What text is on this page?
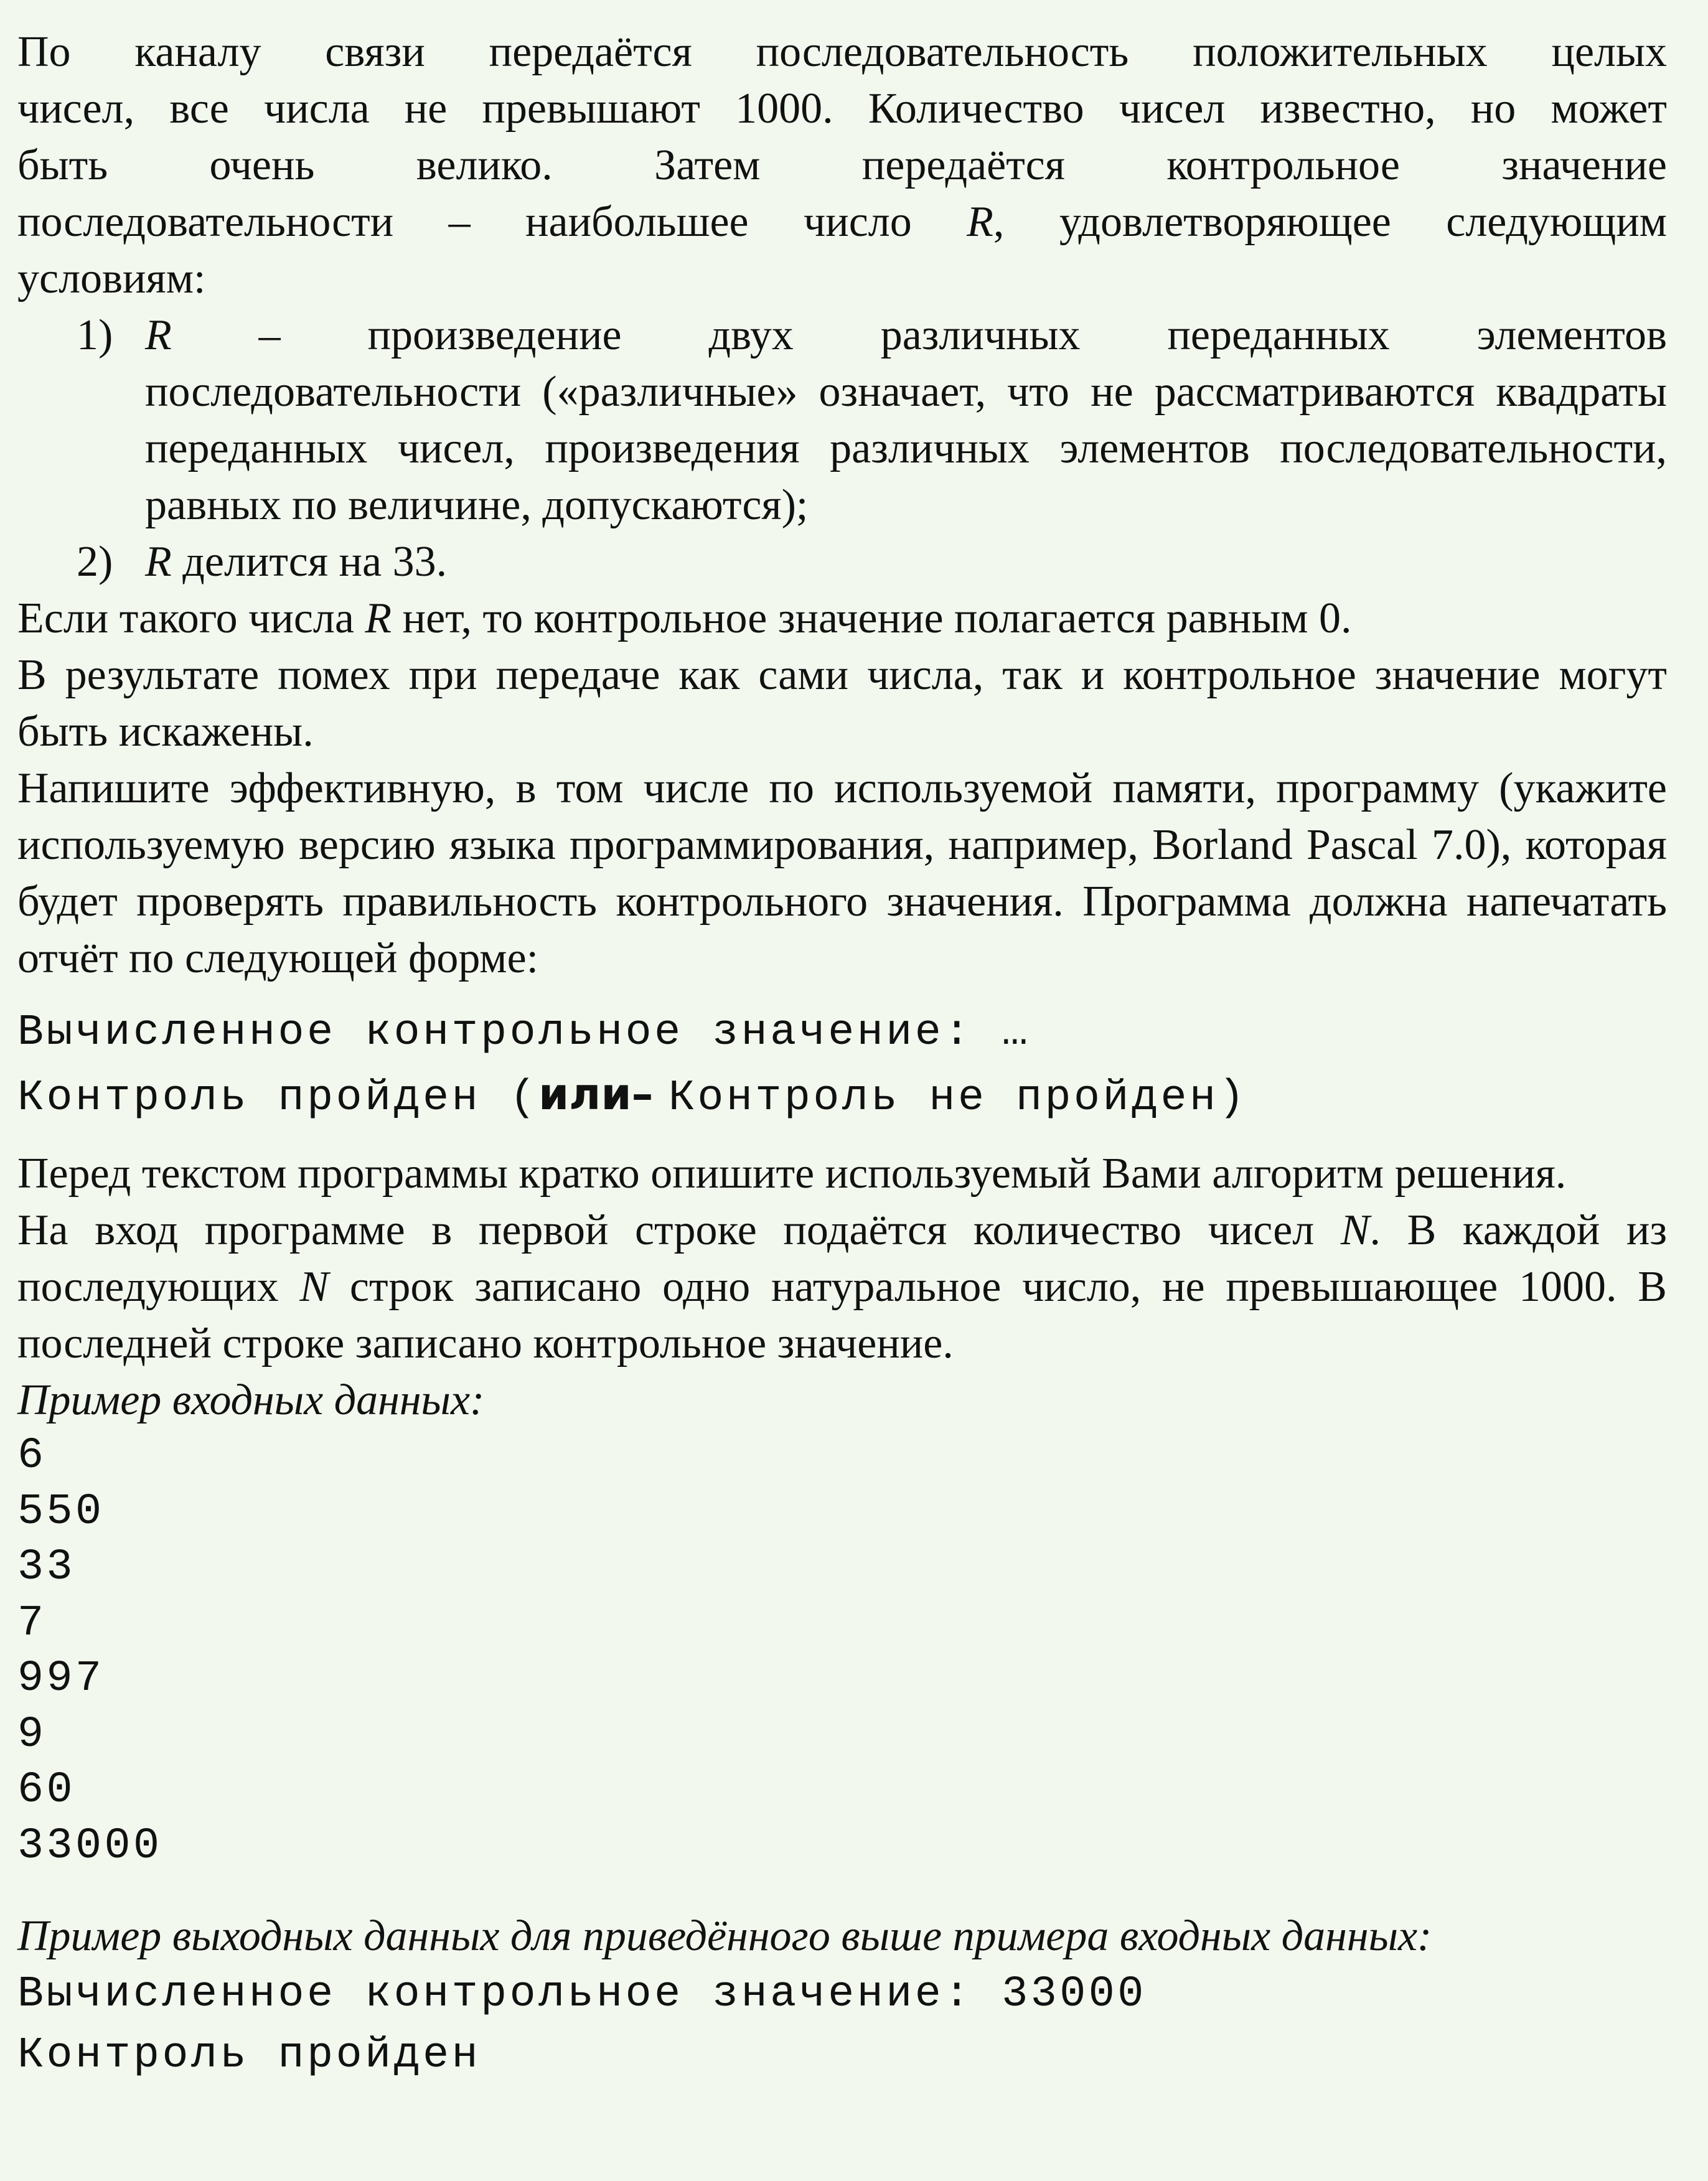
По каналу связи передаётся последовательность положительных целых

чисел, все числа не превышают 1000. Количество чисел известно, но может

быть очень велико. Затем передаётся контрольное значение

последовательности – наибольшее число R, удовлетворяющее следующим

условиям:

1) R – произведение двух различных переданных элементов

последовательности («различные» означает, что не рассматриваются квадраты переданных чисел, произведения различных элементов последовательности, равных по величине, допускаются);

2) R делится на 33.

Если такого числа R нет, то контрольное значение полагается равным 0.

В результате помех при передаче как сами числа, так и контрольное значение могут быть искажены.

Напишите эффективную, в том числе по используемой памяти, программу (укажите используемую версию языка программирования, например, Borland Pascal 7.0), которая будет проверять правильность контрольного значения. Программа должна напечатать отчёт по следующей форме:

Вычисленное контрольное значение: …
Контроль пройден (или– Контроль не пройден)

Перед текстом программы кратко опишите используемый Вами алгоритм решения.

На вход программе в первой строке подаётся количество чисел N. В каждой из последующих N строк записано одно натуральное число, не превышающее 1000. В последней строке записано контрольное значение.

Пример входных данных:

6
550
33
7
997
9
60
33000

Пример выходных данных для приведённого выше примера входных данных:

Вычисленное контрольное значение: 33000
Контроль пройден
